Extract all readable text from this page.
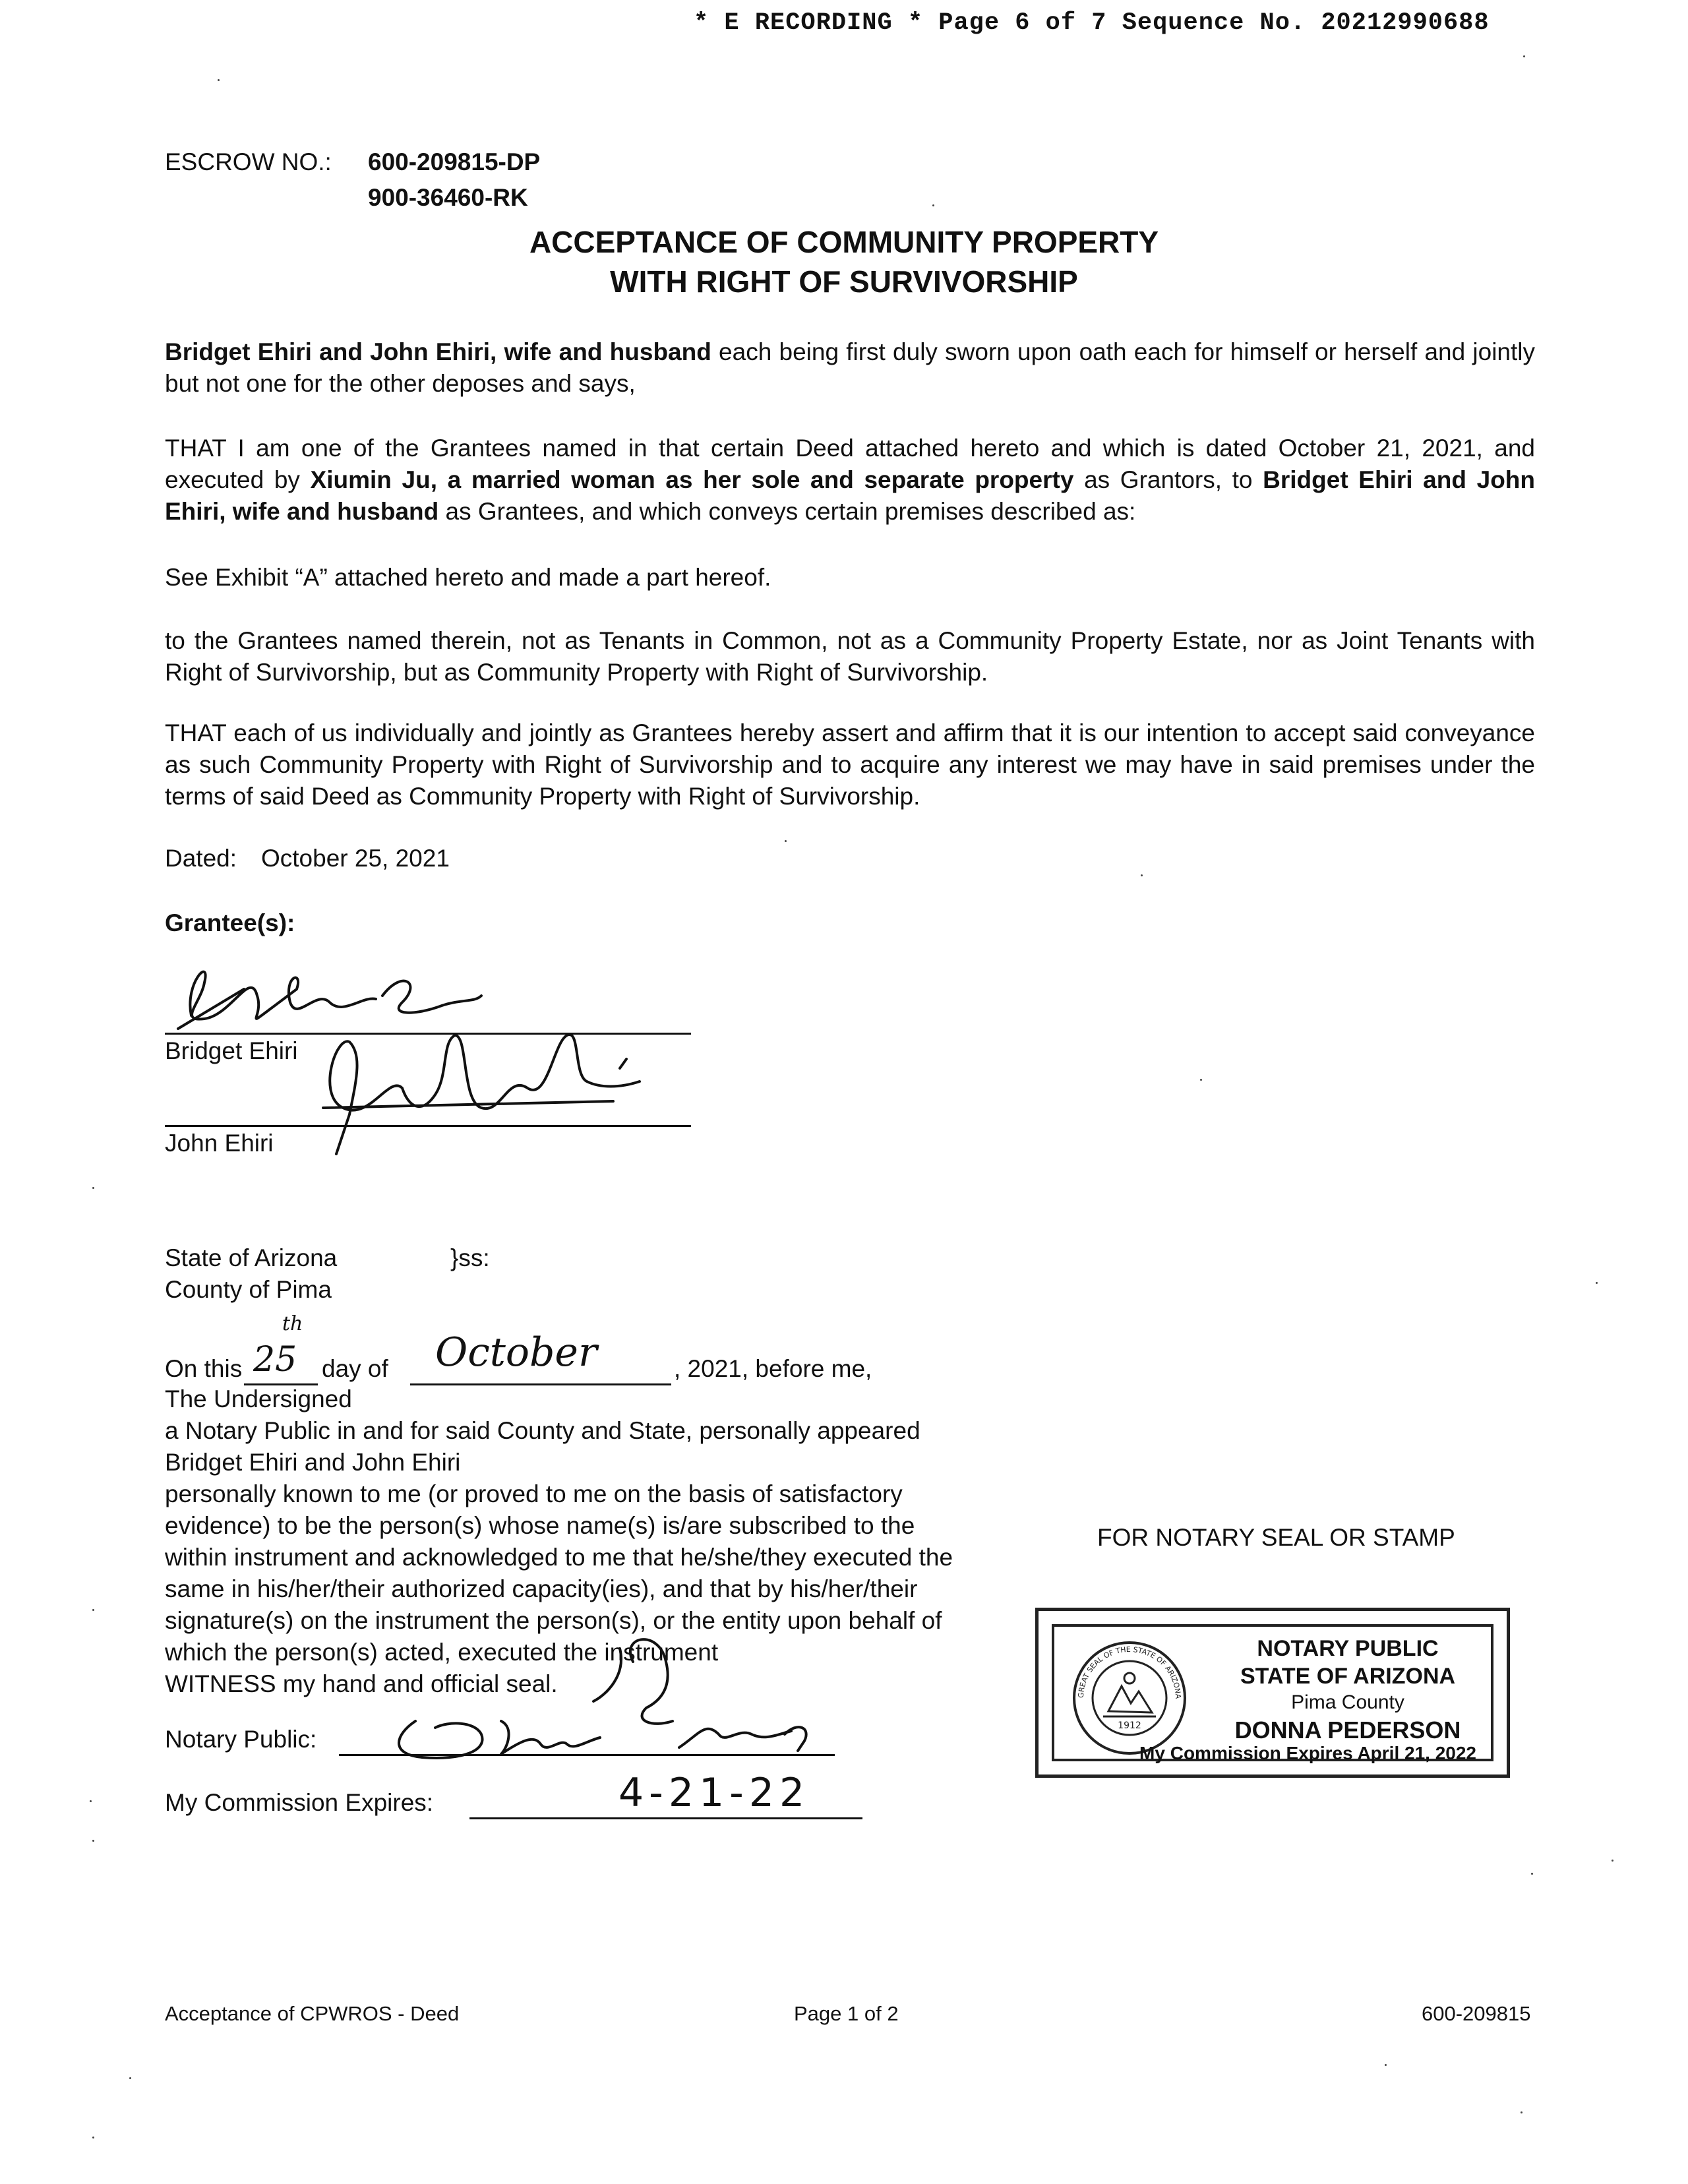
* E RECORDING * Page 6 of 7 Sequence No. 20212990688
ESCROW NO.: 600-209815-DP
900-36460-RK
ACCEPTANCE OF COMMUNITY PROPERTY
WITH RIGHT OF SURVIVORSHIP
Bridget Ehiri and John Ehiri, wife and husband each being first duly sworn upon oath each for himself or herself and jointly but not one for the other deposes and says,
THAT I am one of the Grantees named in that certain Deed attached hereto and which is dated October 21, 2021, and executed by Xiumin Ju, a married woman as her sole and separate property as Grantors, to Bridget Ehiri and John Ehiri, wife and husband as Grantees, and which conveys certain premises described as:
See Exhibit “A” attached hereto and made a part hereof.
to the Grantees named therein, not as Tenants in Common, not as a Community Property Estate, nor as Joint Tenants with Right of Survivorship, but as Community Property with Right of Survivorship.
THAT each of us individually and jointly as Grantees hereby assert and affirm that it is our intention to accept said conveyance as such Community Property with Right of Survivorship and to acquire any interest we may have in said premises under the terms of said Deed as Community Property with Right of Survivorship.
Dated: October 25, 2021
Grantee(s):
Bridget Ehiri
John Ehiri
State of Arizona	}ss:
County of Pima
On this 25
th
day of October	, 2021, before me,
The Undersigned
a Notary Public in and for said County and State, personally appeared
Bridget Ehiri and John Ehiri
personally known to me (or proved to me on the basis of satisfactory
evidence) to be the person(s) whose name(s) is/are subscribed to the
within instrument and acknowledged to me that he/she/they executed the
same in his/her/their authorized capacity(ies), and that by his/her/their
signature(s) on the instrument the person(s), or the entity upon behalf of
which the person(s) acted, executed the instrument
WITNESS my hand and official seal.
Notary Public:
My Commission Expires:	4-21-22
FOR NOTARY SEAL OR STAMP
1912
GREAT SEAL OF THE STATE OF ARIZONA
NOTARY PUBLIC
STATE OF ARIZONA
Pima County
DONNA PEDERSON
My Commission Expires April 21, 2022
Acceptance of CPWROS - Deed	Page 1 of 2	600-209815
